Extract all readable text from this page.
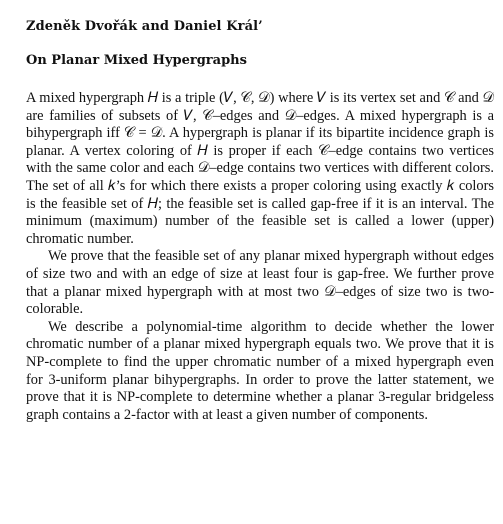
Zdeněk Dvořák and Daniel Král’
On Planar Mixed Hypergraphs

A mixed hypergraph 𝐻 is a triple (𝑉, 𝒞, 𝒟) where 𝑉 is its vertex set and 𝒞 and 𝒟 are families of subsets of 𝑉, 𝒞–edges and 𝒟–edges. A mixed hypergraph is a bihypergraph iff 𝒞 = 𝒟. A hypergraph is planar if its bipartite incidence graph is planar. A vertex coloring of 𝐻 is proper if each 𝒞–edge contains two vertices with the same color and each 𝒟–edge contains two vertices with different colors. The set of all 𝑘’s for which there exists a proper coloring using exactly 𝑘 colors is the feasible set of 𝐻; the feasible set is called gap-free if it is an interval. The minimum (maximum) number of the feasible set is called a lower (upper) chromatic number.

We prove that the feasible set of any planar mixed hypergraph without edges of size two and with an edge of size at least four is gap-free. We further prove that a planar mixed hypergraph with at most two 𝒟–edges of size two is two-colorable.

We describe a polynomial-time algorithm to decide whether the lower chromatic number of a planar mixed hypergraph equals two. We prove that it is NP-complete to find the upper chromatic number of a mixed hypergraph even for 3-uniform planar bihypergraphs. In order to prove the latter statement, we prove that it is NP-complete to determine whether a planar 3-regular bridgeless graph contains a 2-factor with at least a given number of components.
